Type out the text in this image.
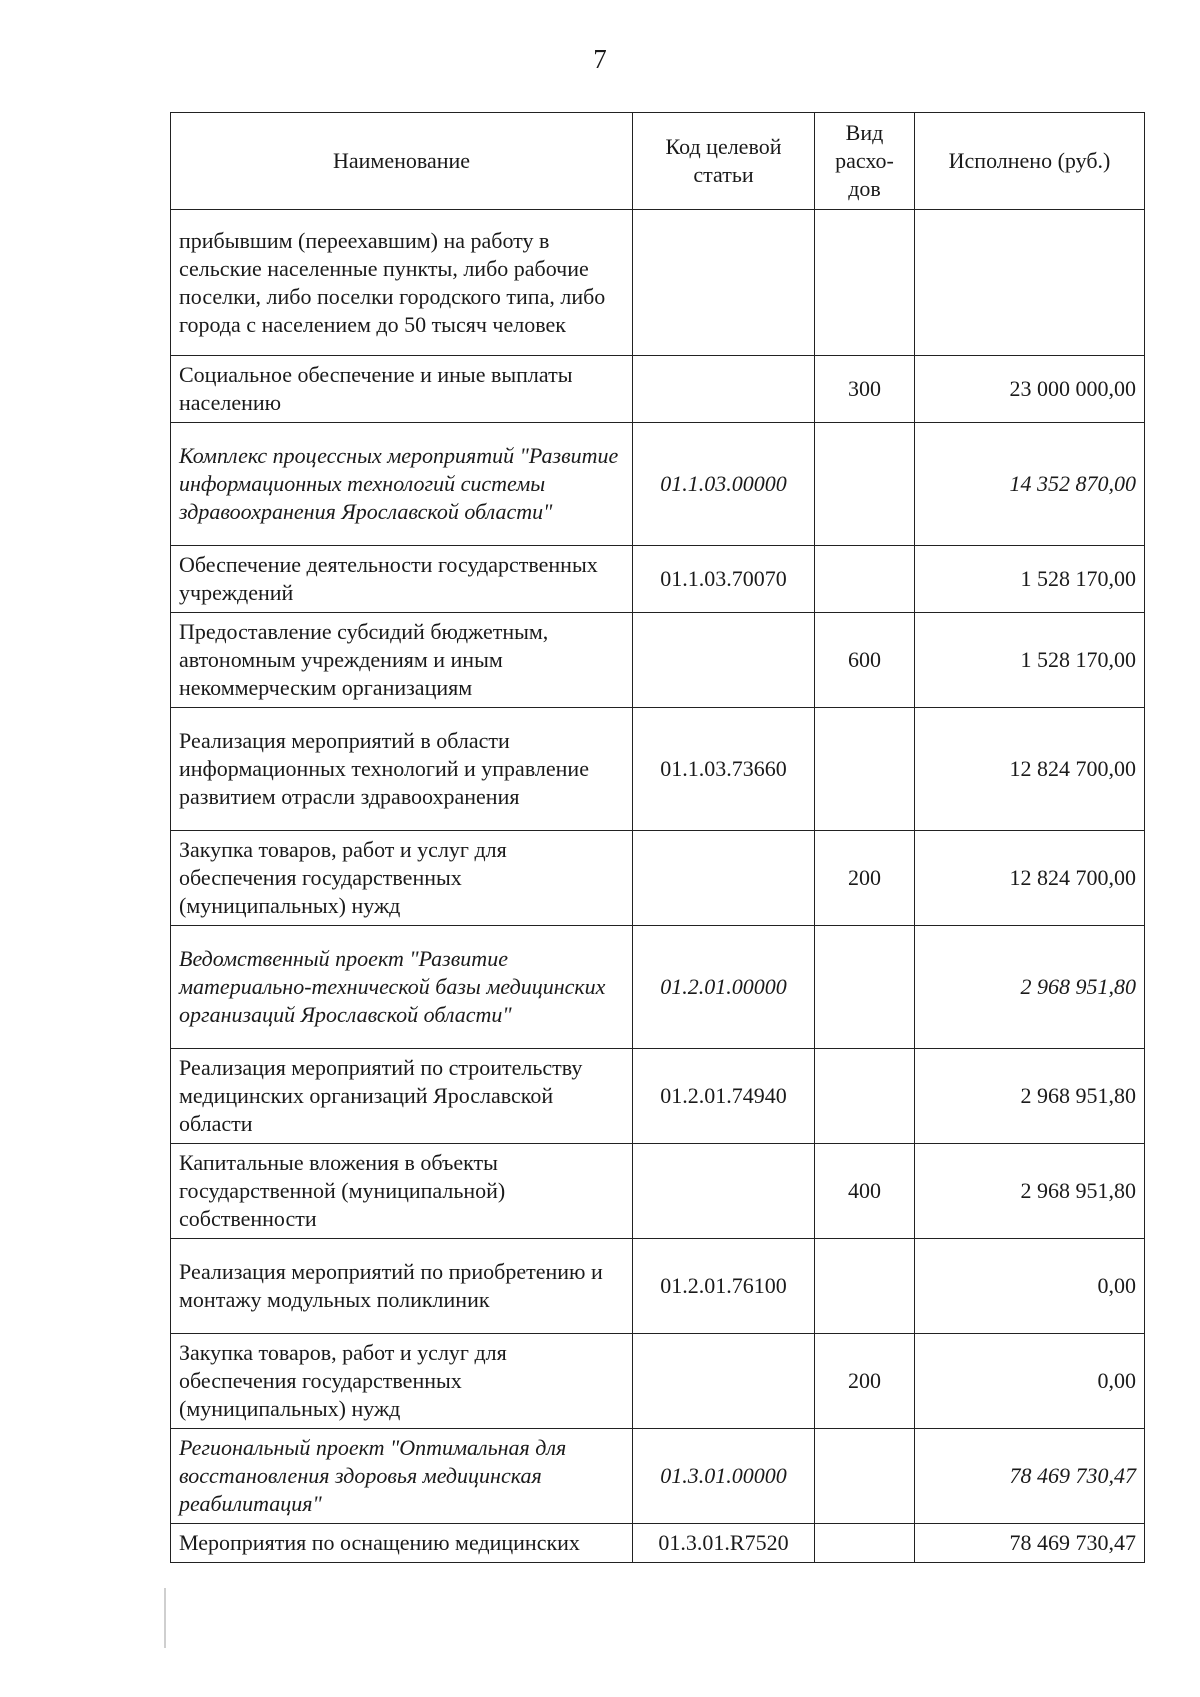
7
Наименование	Код целевой статьи	Вид расхо-дов	Исполнено (руб.)
прибывшим (переехавшим) на работу в сельские населенные пункты, либо рабочие поселки, либо поселки городского типа, либо города с населением до 50 тысяч человек			
Социальное обеспечение и иные выплаты населению		300	23 000 000,00
Комплекс процессных мероприятий "Развитие информационных технологий системы здравоохранения Ярославской области"	01.1.03.00000		14 352 870,00
Обеспечение деятельности государственных учреждений	01.1.03.70070		1 528 170,00
Предоставление субсидий бюджетным, автономным учреждениям и иным некоммерческим организациям		600	1 528 170,00
Реализация мероприятий в области информационных технологий и управление развитием отрасли здравоохранения	01.1.03.73660		12 824 700,00
Закупка товаров, работ и услуг для обеспечения государственных (муниципальных) нужд		200	12 824 700,00
Ведомственный проект "Развитие материально-технической базы медицинских организаций Ярославской области"	01.2.01.00000		2 968 951,80
Реализация мероприятий по строительству медицинских организаций Ярославской области	01.2.01.74940		2 968 951,80
Капитальные вложения в объекты государственной (муниципальной) собственности		400	2 968 951,80
Реализация мероприятий по приобретению и монтажу модульных поликлиник	01.2.01.76100		0,00
Закупка товаров, работ и услуг для обеспечения государственных (муниципальных) нужд		200	0,00
Региональный проект "Оптимальная для восстановления здоровья медицинская реабилитация"	01.3.01.00000		78 469 730,47
Мероприятия по оснащению медицинских	01.3.01.R7520		78 469 730,47
